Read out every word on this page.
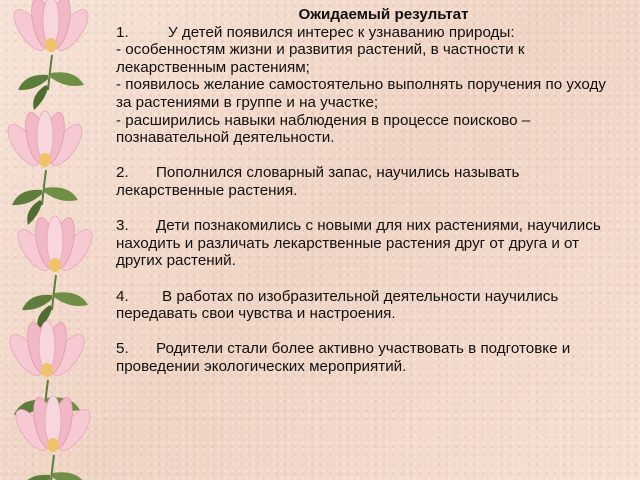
Ожидаемый результат
1.	У детей появился интерес к узнаванию природы:
- особенностям жизни и развития растений, в частности к
лекарственным растениям;
- появилось желание самостоятельно выполнять поручения по уходу
за растениями в группе и на участке;
- расширились навыки наблюдения в процессе поисково –
познавательной деятельности.
2. Пополнился словарный запас, научились называть
лекарственные растения.
3. Дети познакомились с новыми для них растениями, научились
находить и различать лекарственные растения друг от друга и от
других растений.
4. В работах по изобразительной деятельности научились
передавать свои чувства и настроения.
5. Родители стали более активно участвовать в подготовке и
проведении экологических мероприятий.
